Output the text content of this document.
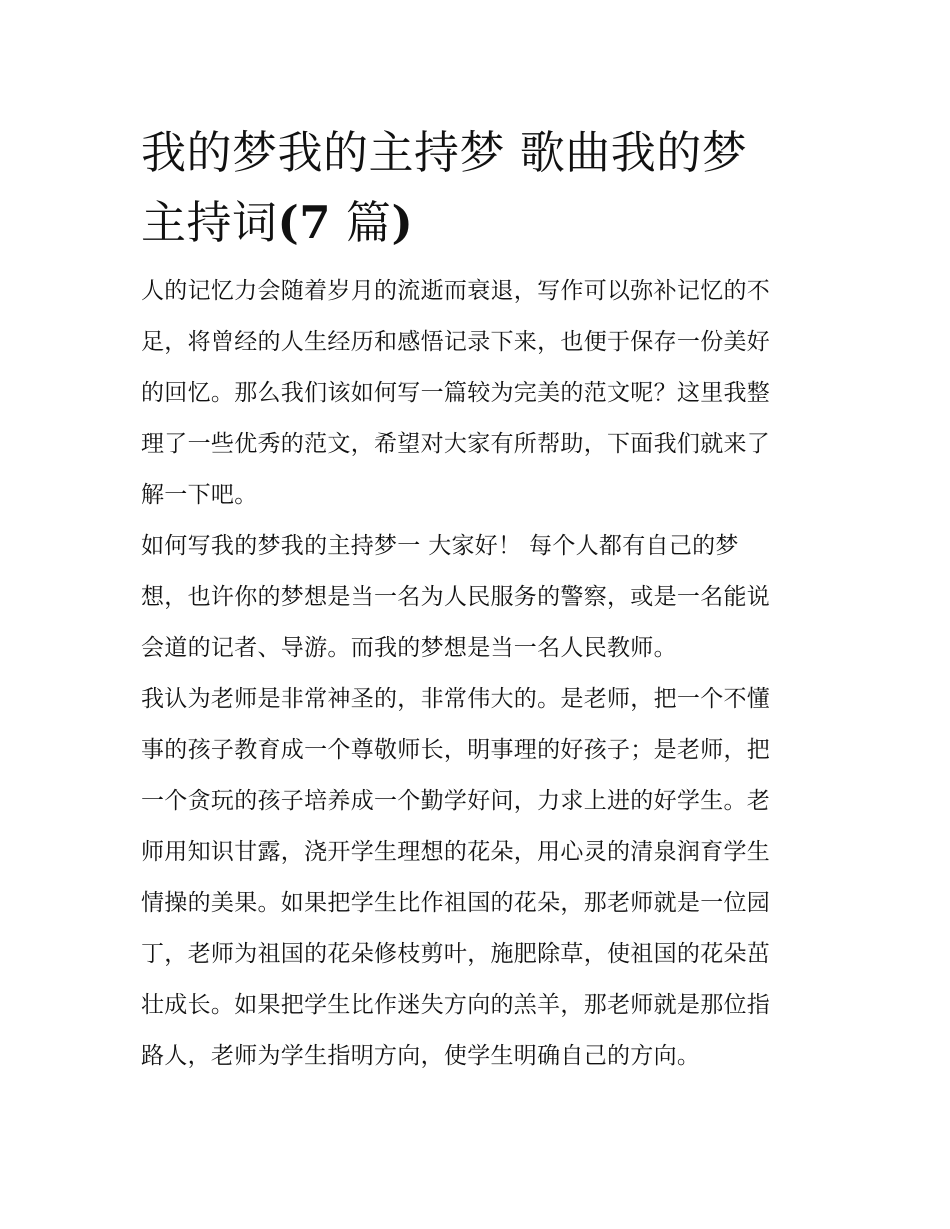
我的梦我的主持梦 歌曲我的梦
主持词(7 篇)

人的记忆力会随着岁月的流逝而衰退，写作可以弥补记忆的不
足，将曾经的人生经历和感悟记录下来，也便于保存一份美好
的回忆。那么我们该如何写一篇较为完美的范文呢？这里我整
理了一些优秀的范文，希望对大家有所帮助，下面我们就来了
解一下吧。

如何写我的梦我的主持梦一 大家好！ 每个人都有自己的梦
想，也许你的梦想是当一名为人民服务的警察，或是一名能说
会道的记者、导游。而我的梦想是当一名人民教师。

我认为老师是非常神圣的，非常伟大的。是老师，把一个不懂
事的孩子教育成一个尊敬师长，明事理的好孩子；是老师，把
一个贪玩的孩子培养成一个勤学好问，力求上进的好学生。老
师用知识甘露，浇开学生理想的花朵，用心灵的清泉润育学生
情操的美果。如果把学生比作祖国的花朵，那老师就是一位园
丁，老师为祖国的花朵修枝剪叶，施肥除草，使祖国的花朵茁
壮成长。如果把学生比作迷失方向的羔羊，那老师就是那位指
路人，老师为学生指明方向，使学生明确自己的方向。
